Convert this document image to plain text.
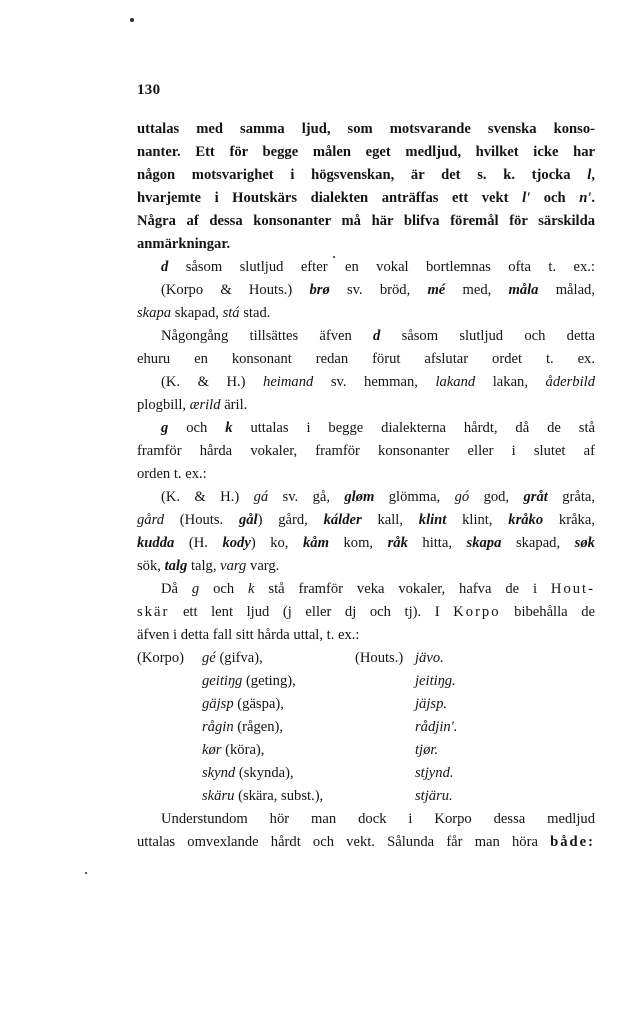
130
uttalas med samma ljud, som motsvarande svenska konso-
nanter. Ett för begge målen eget medljud, hvilket icke har
någon motsvarighet i högsvenskan, är det s. k. tjocka l,
hvarjemte i Houtskärs dialekten anträffas ett vekt l' och n'.
Några af dessa konsonanter må här blifva föremål för särskilda
anmärkningar.
d såsom slutljud efter en vokal bortlemnas ofta t. ex.:
(Korpo & Houts.) brø sv. bröd, mé med, måla målad,
skapa skapad, stá stad.
Någongång tillsättes äfven d såsom slutljud och detta
ehuru en konsonant redan förut afslutar ordet t. ex.
(K. & H.) heimand sv. hemman, lakand lakan, åderbild
plogbill, ærild äril.
g och k uttalas i begge dialekterna hårdt, då de stå
framför hårda vokaler, framför konsonanter eller i slutet af
orden t. ex.:
(K. & H.) gá sv. gå, gløm glömma, gó god, gråt gråta,
gård (Houts. gål) gård, kálder kall, klint klint, kråko kråka,
kudda (H. kody) ko, kåm kom, råk hitta, skapa skapad, søk
sök, talg talg, varg varg.
Då g och k stå framför veka vokaler, hafva de i Hout-
skär ett lent ljud (j eller dj och tj). I Korpo bibehålla de
äfven i detta fall sitt hårda uttal, t. ex.:
(Korpo) gé (gifva),	(Houts.) jävo.
geitiŋg (geting),	jeitiŋg.
gäjsp (gäspa),	jäjsp.
rågin (rågen),	rådjin'.
kør (köra),	tjør.
skynd (skynda),	stjynd.
skäru (skära, subst.),	stjäru.
Understundom hör man dock i Korpo dessa medljud
uttalas omvexlande hårdt och vekt. Sålunda får man höra både:
